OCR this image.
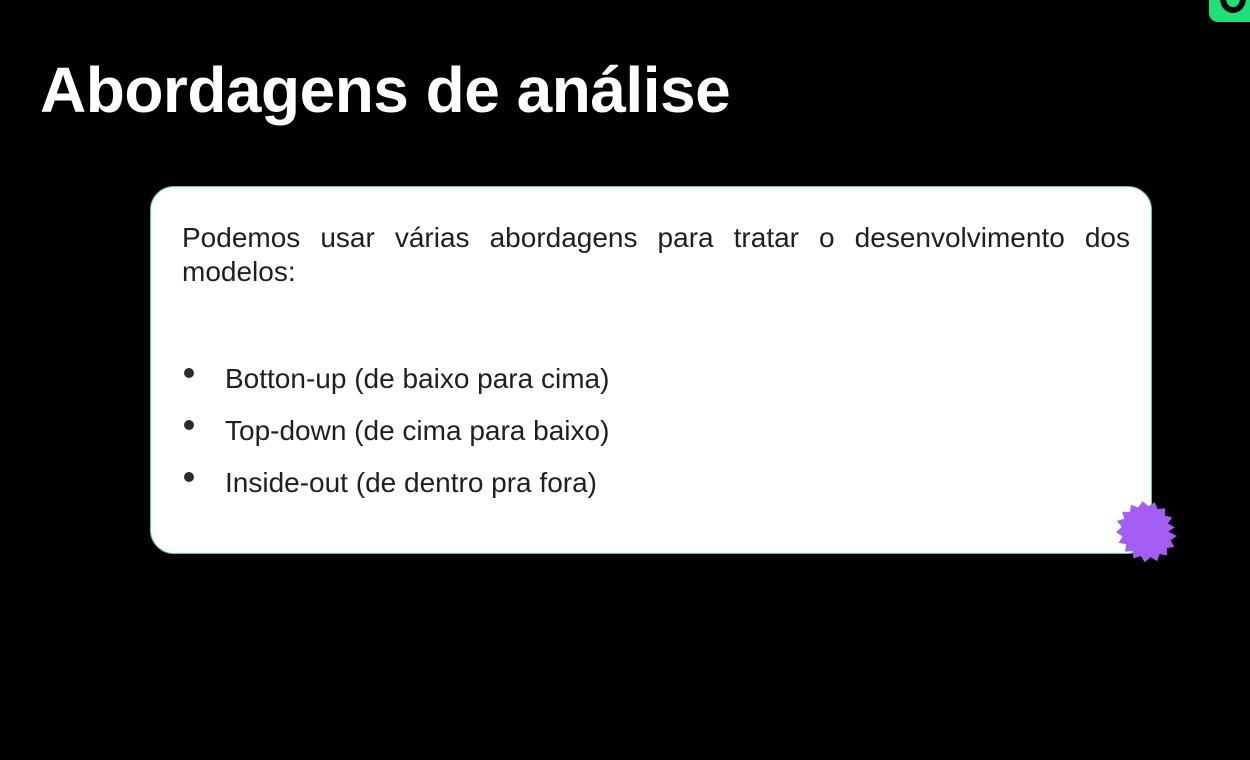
Abordagens de análise

Podemos usar várias abordagens para tratar o desenvolvimento dos modelos:

Botton-up (de baixo para cima)
Top-down (de cima para baixo)
Inside-out (de dentro pra fora)
